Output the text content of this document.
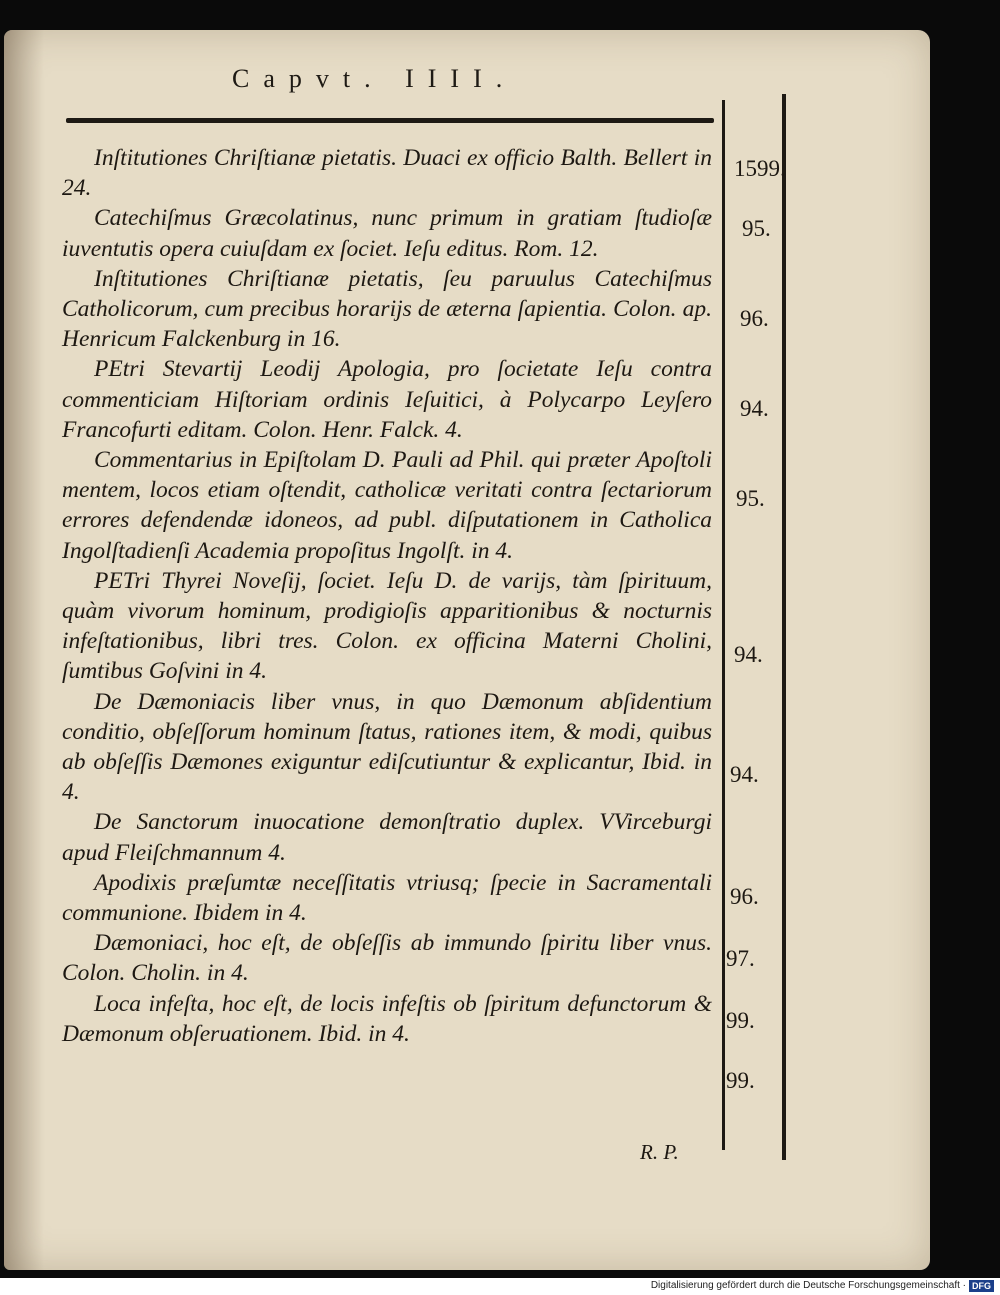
Capvt. IIII.

Inſtitutiones Chriſtianæ pietatis. Duaci ex officio Balth. Bellert in 24.

Catechiſmus Græcolatinus, nunc primum in gratiam ſtudioſæ iuventutis opera cuiuſdam ex ſociet. Ieſu editus. Rom. 12.

Inſtitutiones Chriſtianæ pietatis, ſeu paruulus Catechiſmus Catholicorum, cum precibus horarijs de æterna ſapientia. Colon. ap. Henricum Falckenburg in 16.

PEtri Stevartij Leodij Apologia, pro ſocietate Ieſu contra commenticiam Hiſtoriam ordinis Ieſuitici, à Polycarpo Leyſero Francofurti editam. Colon. Henr. Falck. 4.

Commentarius in Epiſtolam D. Pauli ad Phil. qui præter Apoſtoli mentem, locos etiam oſtendit, catholicæ veritati contra ſectariorum errores defendendæ idoneos, ad publ. diſputationem in Catholica Ingolſtadienſi Academia propoſitus Ingolſt. in 4.

PETri Thyrei Noveſij, ſociet. Ieſu D. de varijs, tàm ſpirituum, quàm vivorum hominum, prodigioſis apparitionibus & nocturnis infeſtationibus, libri tres. Colon. ex officina Materni Cholini, ſumtibus Goſvini in 4.

De Dæmoniacis liber vnus, in quo Dæmonum abſidentium conditio, obſeſſorum hominum ſtatus, rationes item, & modi, quibus ab obſeſſis Dæmones exiguntur ediſcutiuntur & explicantur, Ibid. in 4.

De Sanctorum inuocatione demonſtratio duplex. VVirceburgi apud Fleiſchmannum 4.

Apodixis præſumtæ neceſſitatis vtriusq; ſpecie in Sacramentali communione. Ibidem in 4.

Dæmoniaci, hoc eſt, de obſeſſis ab immundo ſpiritu liber vnus. Colon. Cholin. in 4.

Loca infeſta, hoc eſt, de locis infeſtis ob ſpiritum defunctorum & Dæmonum obſeruationem. Ibid. in 4.

1599.
95.
96.
94.
95.
94.
94.
96.
97.
99.
99.
R. P.
Digitalisierung gefördert durch die Deutsche Forschungsgemeinschaft · DFG
